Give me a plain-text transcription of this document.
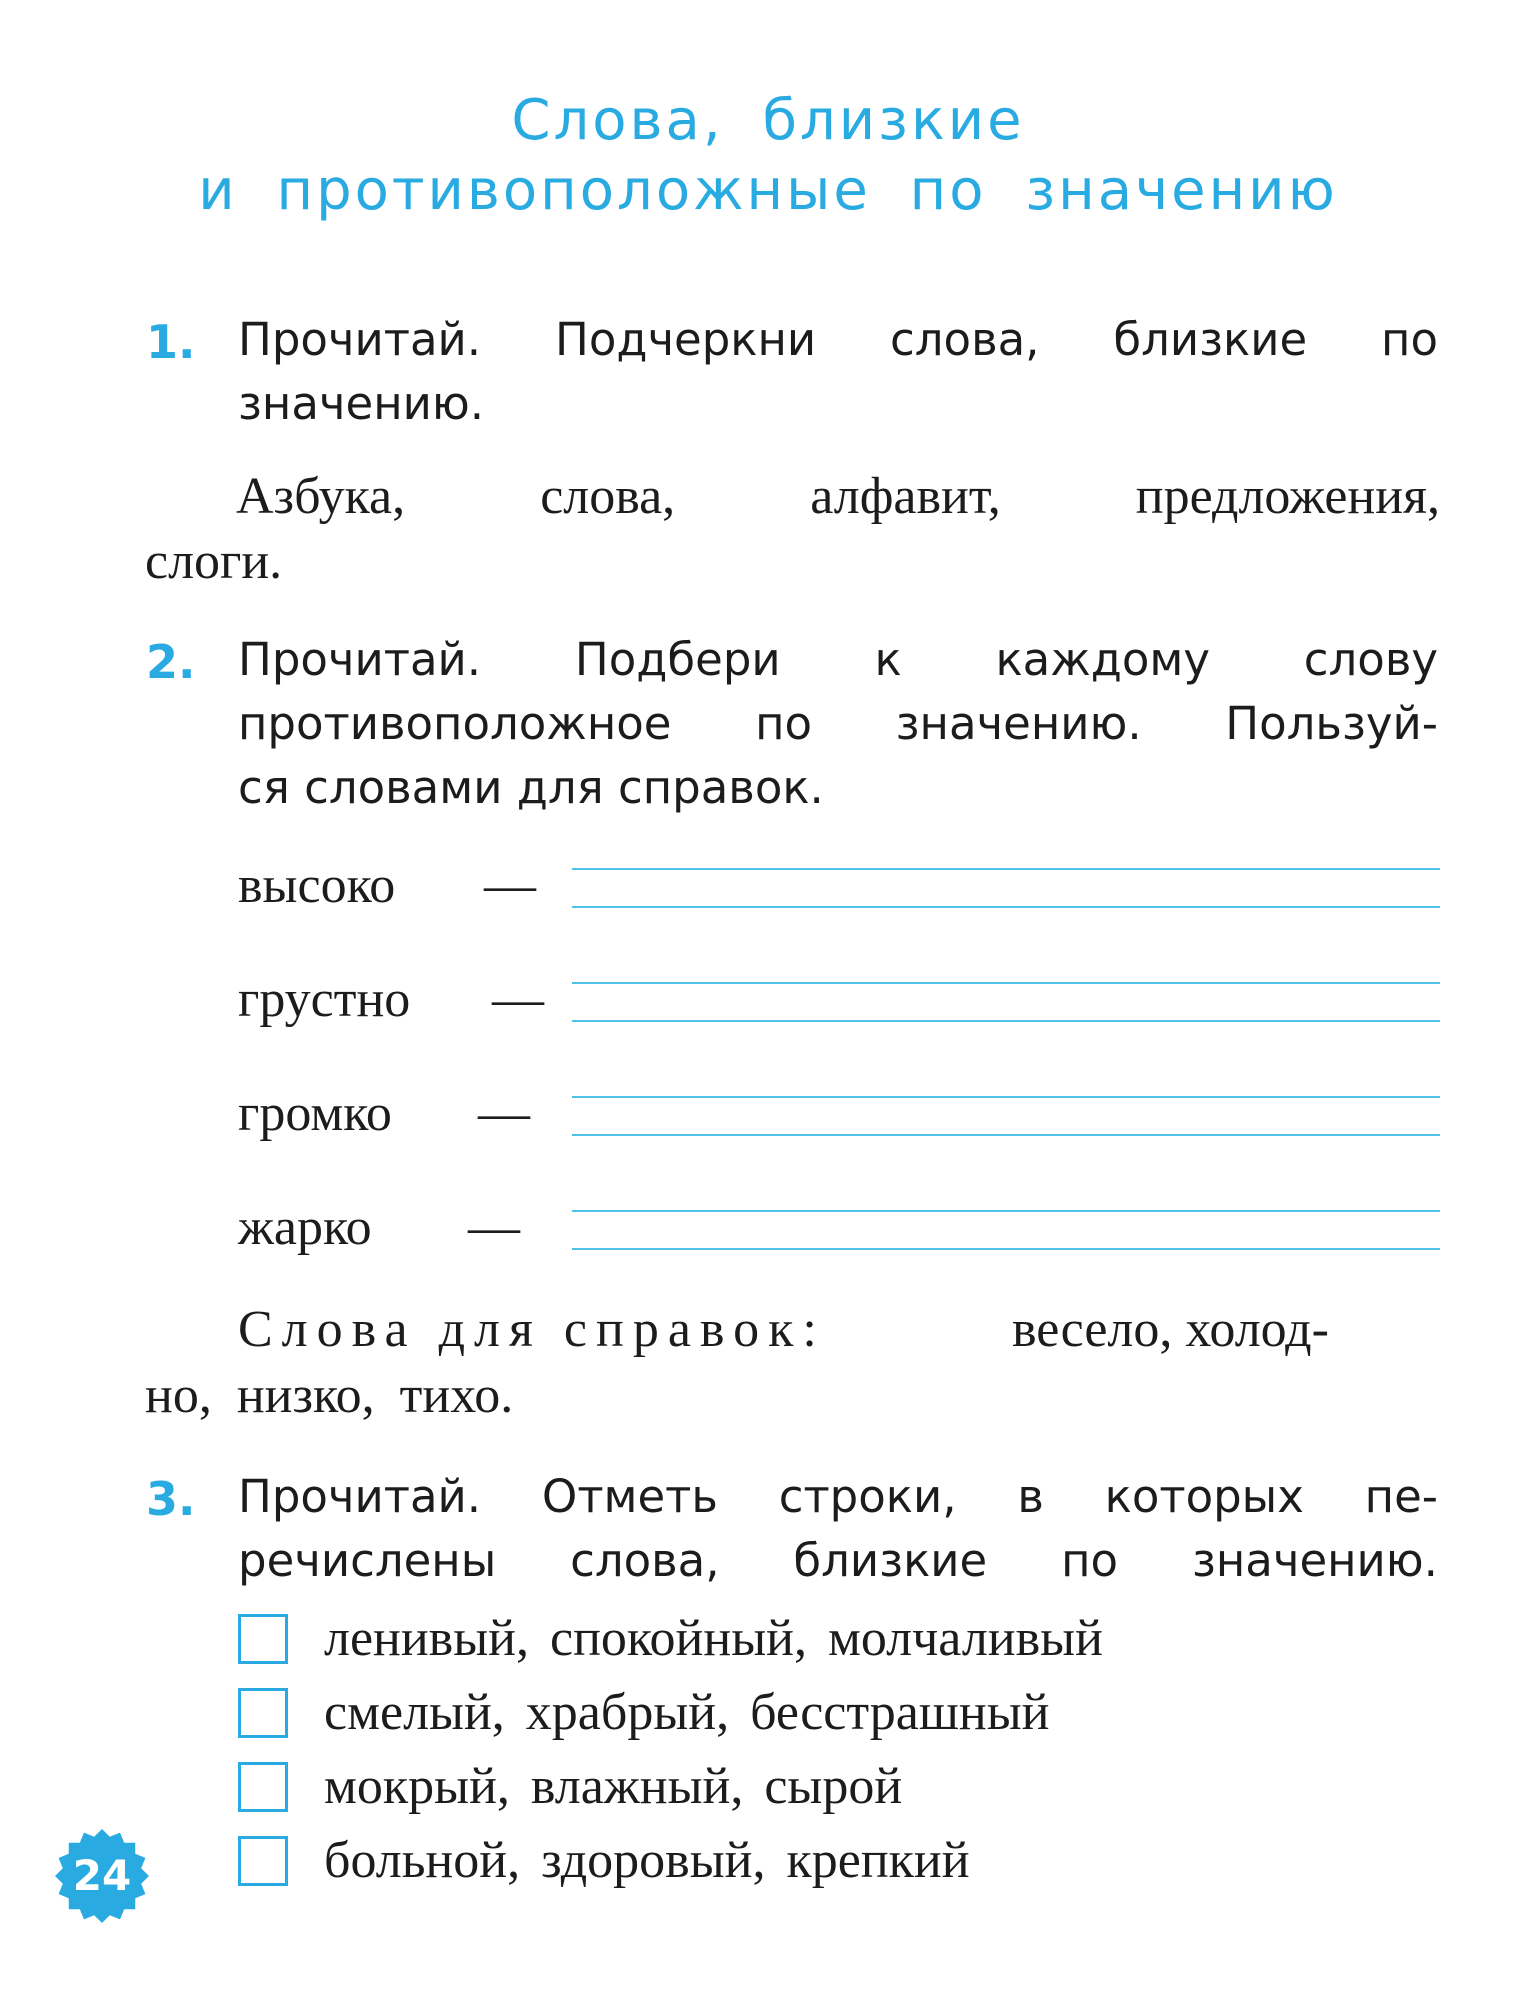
Слова, близкие
и противоположные по значению
1. Прочитай. Подчеркни слова, близкие по
значению.
Азбука, слова, алфавит, предложения,
слоги.
2. Прочитай. Подбери к каждому слову
противоположное по значению. Пользуй-
ся словами для справок.
высоко —
грустно —
громко —
жарко —
Слова для справок:	весело, холод-
но, низко, тихо.
3. Прочитай. Отметь строки, в которых пе-
речислены слова, близкие по значению.
ленивый, спокойный, молчаливый
смелый, храбрый, бесстрашный
мокрый, влажный, сырой
больной, здоровый, крепкий
24
